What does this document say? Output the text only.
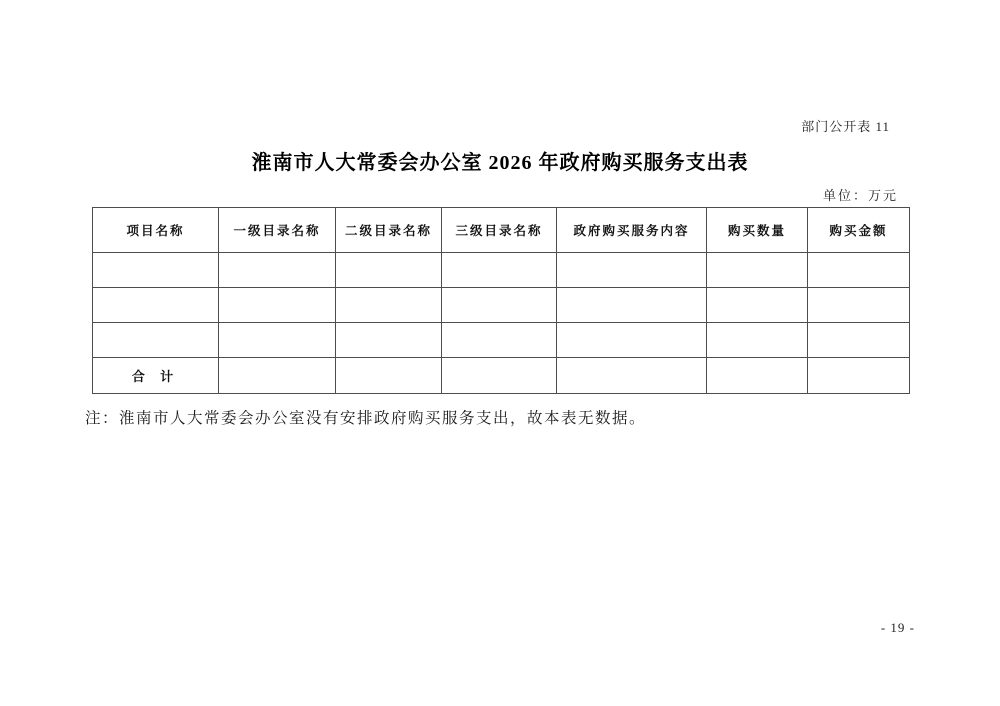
部门公开表 11
淮南市人大常委会办公室 2026 年政府购买服务支出表
单位：万元
项目名称	一级目录名称	二级目录名称	三级目录名称	政府购买服务内容	购买数量	购买金额

合 计						

注：淮南市人大常委会办公室没有安排政府购买服务支出，故本表无数据。

- 19 -
